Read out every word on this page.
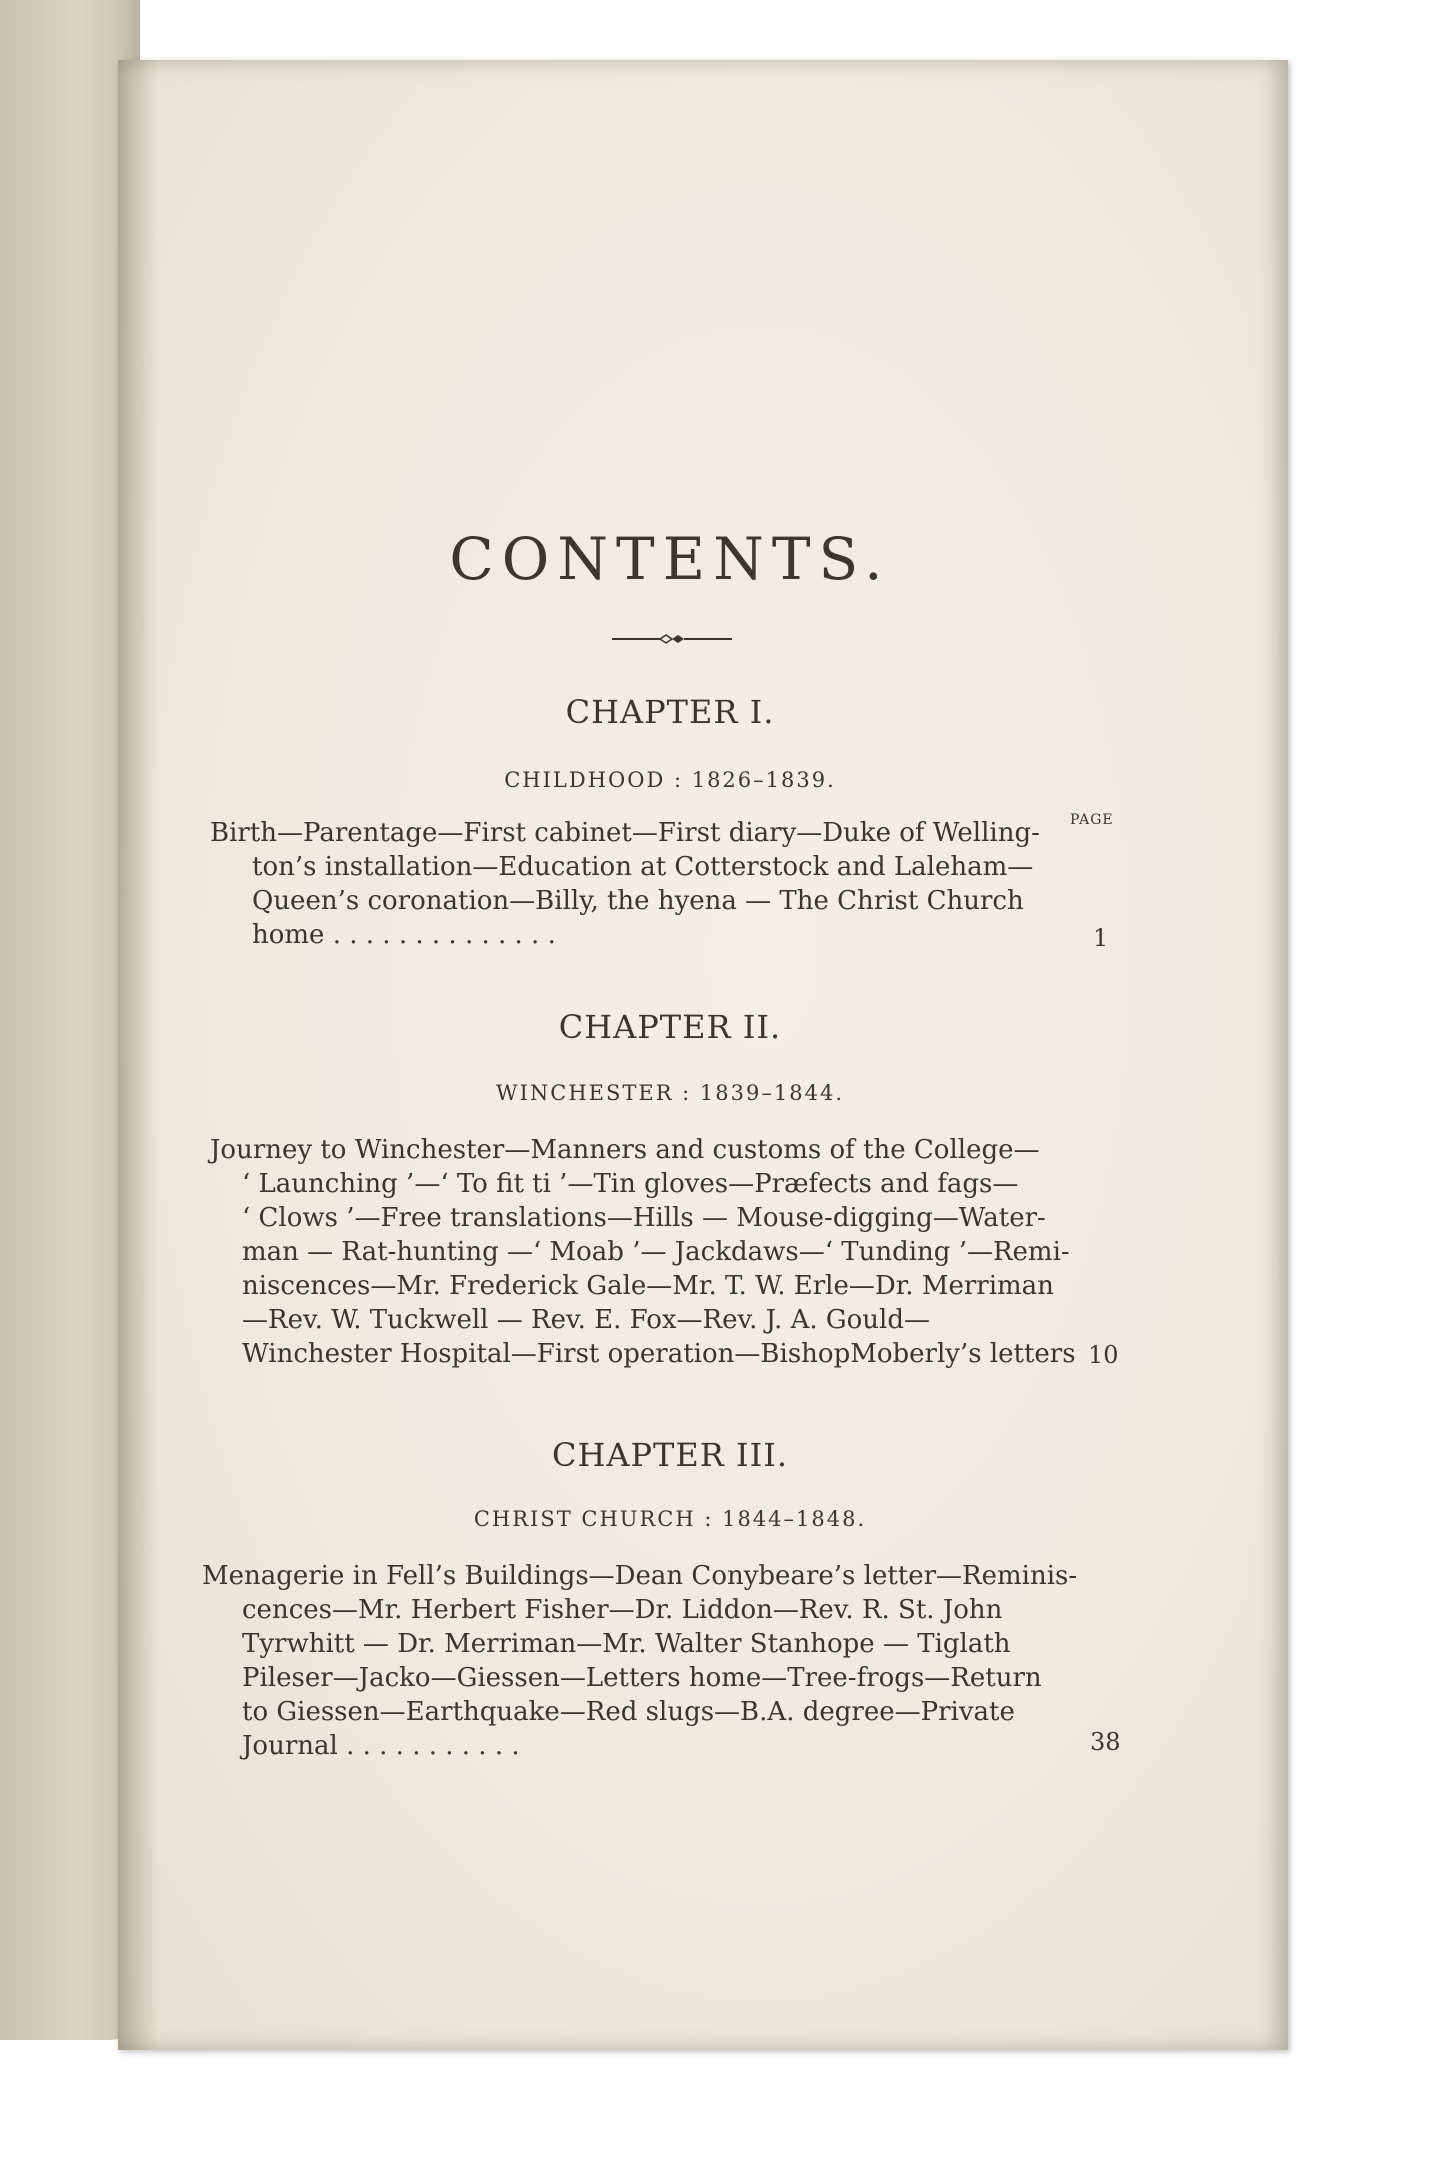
CONTENTS.
CHAPTER I.
CHILDHOOD : 1826–1839.
PAGE
Birth—Parentage—First cabinet—First diary—Duke of Welling-
ton’s installation—Education at Cotterstock and Laleham—
Queen’s coronation—Billy, the hyena — The Christ Church
home . . . . . . . . . . . . . .	1
CHAPTER II.
WINCHESTER : 1839–1844.
Journey to Winchester—Manners and customs of the College—
‘ Launching ’—‘ To fit ti ’—Tin gloves—Præfects and fags—
‘ Clows ’—Free translations—Hills — Mouse-digging—Water-
man — Rat-hunting —‘ Moab ’— Jackdaws—‘ Tunding ’—Remi-
niscences—Mr. Frederick Gale—Mr. T. W. Erle—Dr. Merriman
—Rev. W. Tuckwell — Rev. E. Fox—Rev. J. A. Gould—
Winchester Hospital—First operation—BishopMoberly’s letters 10
CHAPTER III.
CHRIST CHURCH : 1844–1848.
Menagerie in Fell’s Buildings—Dean Conybeare’s letter—Reminis-
cences—Mr. Herbert Fisher—Dr. Liddon—Rev. R. St. John
Tyrwhitt — Dr. Merriman—Mr. Walter Stanhope — Tiglath
Pileser—Jacko—Giessen—Letters home—Tree-frogs—Return
to Giessen—Earthquake—Red slugs—B.A. degree—Private
Journal . . . . . . . . . . .	38
